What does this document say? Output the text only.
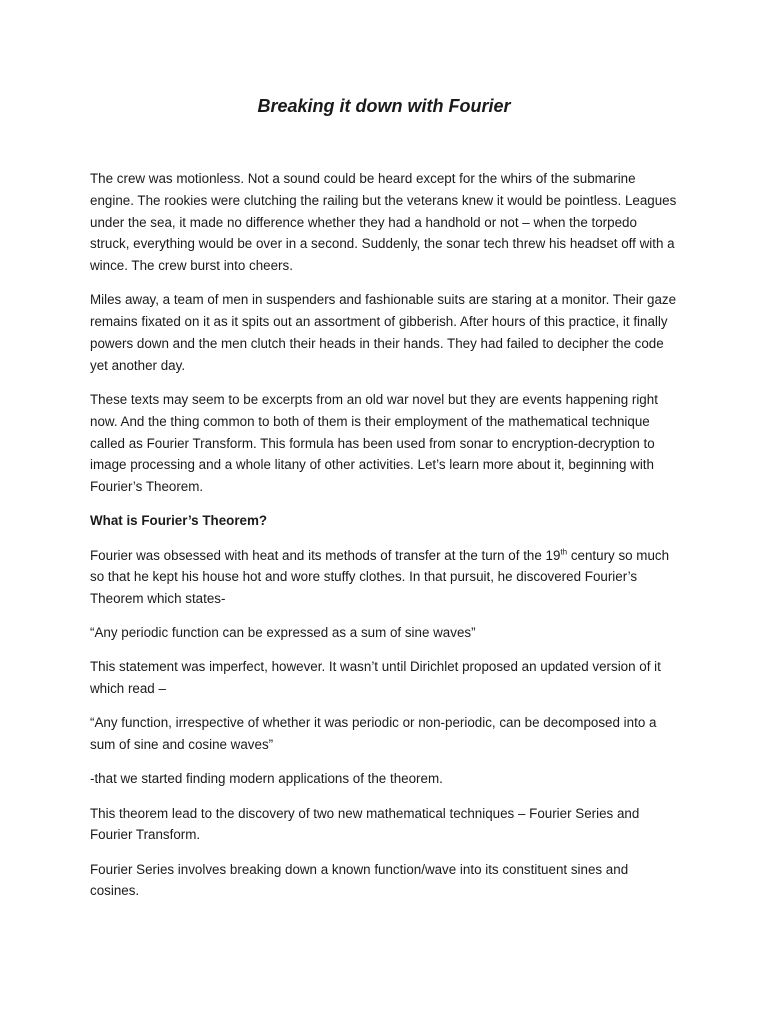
Breaking it down with Fourier

The crew was motionless. Not a sound could be heard except for the whirs of the submarine engine. The rookies were clutching the railing but the veterans knew it would be pointless. Leagues under the sea, it made no difference whether they had a handhold or not – when the torpedo struck, everything would be over in a second. Suddenly, the sonar tech threw his headset off with a wince. The crew burst into cheers.

Miles away, a team of men in suspenders and fashionable suits are staring at a monitor. Their gaze remains fixated on it as it spits out an assortment of gibberish. After hours of this practice, it finally powers down and the men clutch their heads in their hands. They had failed to decipher the code yet another day.

These texts may seem to be excerpts from an old war novel but they are events happening right now. And the thing common to both of them is their employment of the mathematical technique called as Fourier Transform. This formula has been used from sonar to encryption-decryption to image processing and a whole litany of other activities. Let’s learn more about it, beginning with Fourier’s Theorem.

What is Fourier’s Theorem?

Fourier was obsessed with heat and its methods of transfer at the turn of the 19th century so much so that he kept his house hot and wore stuffy clothes. In that pursuit, he discovered Fourier’s Theorem which states-

“Any periodic function can be expressed as a sum of sine waves”

This statement was imperfect, however. It wasn’t until Dirichlet proposed an updated version of it which read –

“Any function, irrespective of whether it was periodic or non-periodic, can be decomposed into a sum of sine and cosine waves”

-that we started finding modern applications of the theorem.

This theorem lead to the discovery of two new mathematical techniques – Fourier Series and Fourier Transform.

Fourier Series involves breaking down a known function/wave into its constituent sines and cosines.
